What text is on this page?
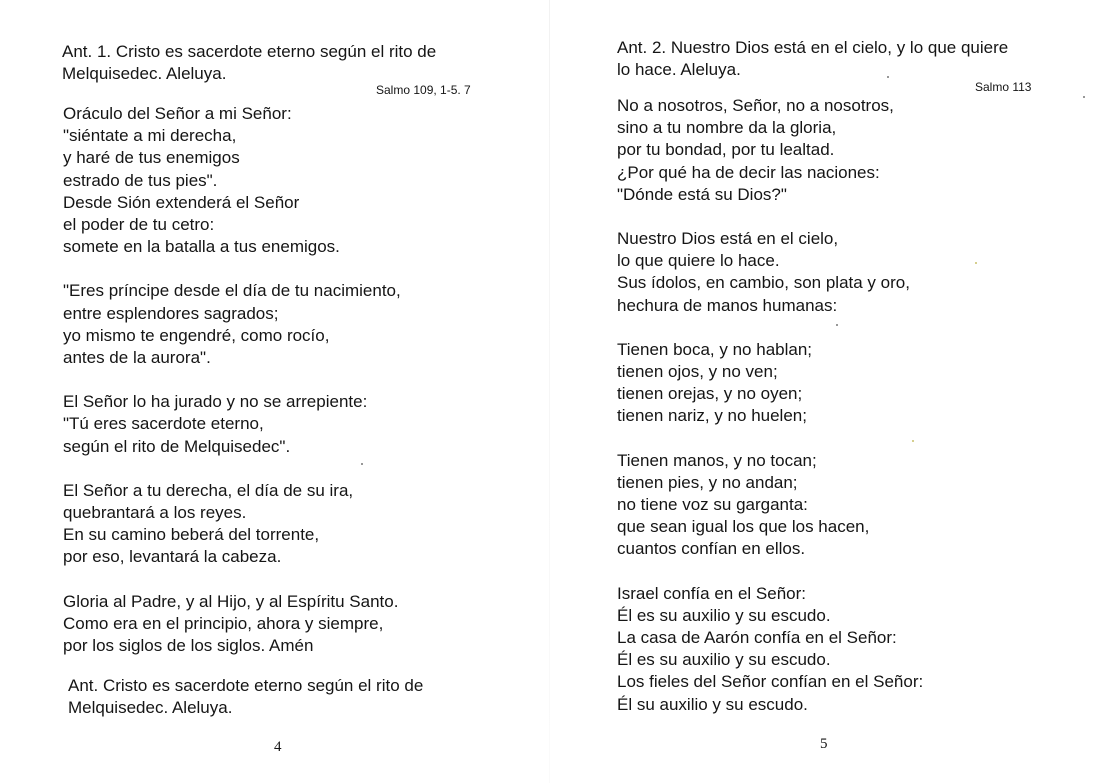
Ant. 1. Cristo es sacerdote eterno según el rito de
Melquisedec. Aleluya.

Salmo 109, 1-5. 7
Oráculo del Señor a mi Señor:
"siéntate a mi derecha,
y haré de tus enemigos
estrado de tus pies".
Desde Sión extenderá el Señor
el poder de tu cetro:
somete en la batalla a tus enemigos.
"Eres príncipe desde el día de tu nacimiento,
entre esplendores sagrados;
yo mismo te engendré, como rocío,
antes de la aurora".
El Señor lo ha jurado y no se arrepiente:
"Tú eres sacerdote eterno,
según el rito de Melquisedec".
El Señor a tu derecha, el día de su ira,
quebrantará a los reyes.
En su camino beberá del torrente,
por eso, levantará la cabeza.
Gloria al Padre, y al Hijo, y al Espíritu Santo.
Como era en el principio, ahora y siempre,
por los siglos de los siglos. Amén

Ant. Cristo es sacerdote eterno según el rito de
Melquisedec. Aleluya.

4

Ant. 2. Nuestro Dios está en el cielo, y lo que quiere
lo hace. Aleluya.

Salmo 113
No a nosotros, Señor, no a nosotros,
sino a tu nombre da la gloria,
por tu bondad, por tu lealtad.
¿Por qué ha de decir las naciones:
"Dónde está su Dios?"
Nuestro Dios está en el cielo,
lo que quiere lo hace.
Sus ídolos, en cambio, son plata y oro,
hechura de manos humanas:
Tienen boca, y no hablan;
tienen ojos, y no ven;
tienen orejas, y no oyen;
tienen nariz, y no huelen;
Tienen manos, y no tocan;
tienen pies, y no andan;
no tiene voz su garganta:
que sean igual los que los hacen,
cuantos confían en ellos.
Israel confía en el Señor:
Él es su auxilio y su escudo.
La casa de Aarón confía en el Señor:
Él es su auxilio y su escudo.
Los fieles del Señor confían en el Señor:
Él su auxilio y su escudo.
5
